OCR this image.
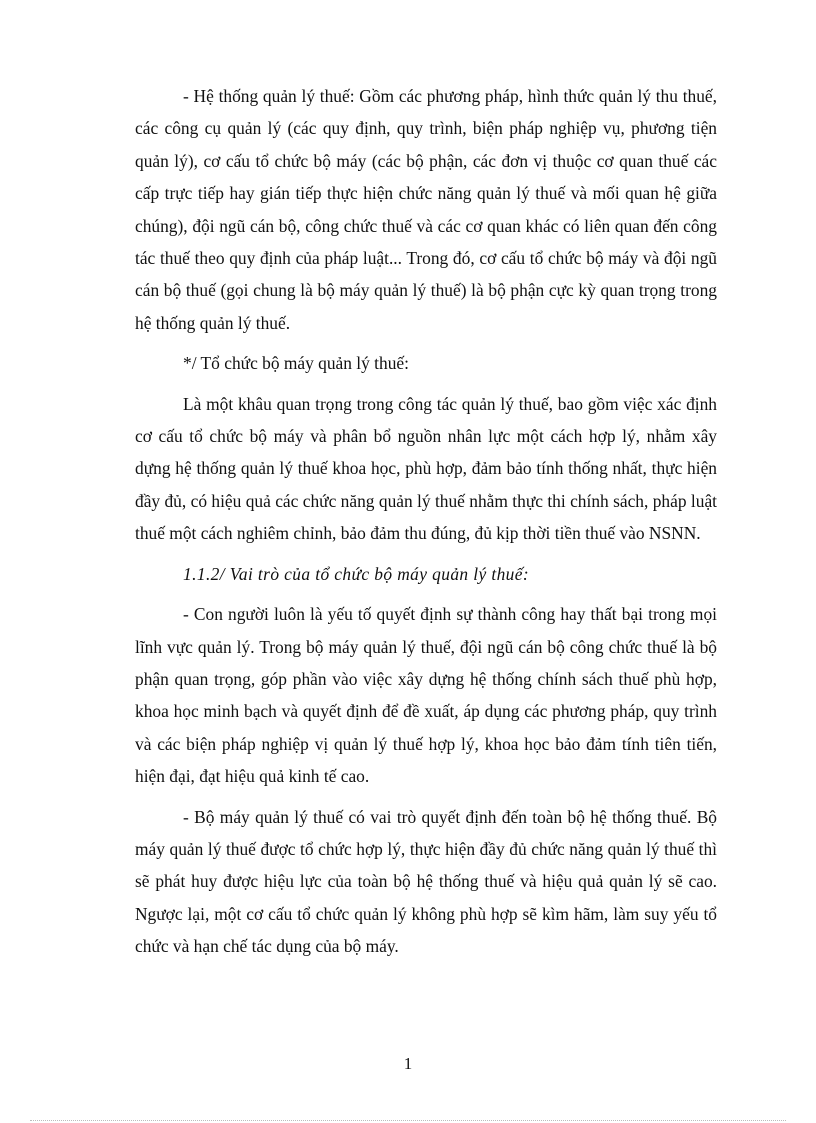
- Hệ thống quản lý thuế: Gồm các phương pháp, hình thức quản lý thu thuế, các công cụ quản lý (các quy định, quy trình, biện pháp nghiệp vụ, phương tiện quản lý), cơ cấu tổ chức bộ máy (các bộ phận, các đơn vị thuộc cơ quan thuế các cấp trực tiếp hay gián tiếp thực hiện chức năng quản lý thuế và mối quan hệ giữa chúng), đội ngũ cán bộ, công chức thuế và các cơ quan khác có liên quan đến công tác thuế theo quy định của pháp luật... Trong đó, cơ cấu tổ chức bộ máy và đội ngũ cán bộ thuế (gọi chung là bộ máy quản lý thuế) là bộ phận cực kỳ quan trọng trong hệ thống quản lý thuế.

*/ Tổ chức bộ máy quản lý thuế:

Là một khâu quan trọng trong công tác quản lý thuế, bao gồm việc xác định cơ cấu tổ chức bộ máy và phân bổ nguồn nhân lực một cách hợp lý, nhằm xây dựng hệ thống quản lý thuế khoa học, phù hợp, đảm bảo tính thống nhất, thực hiện đầy đủ, có hiệu quả các chức năng quản lý thuế nhằm thực thi chính sách, pháp luật thuế một cách nghiêm chỉnh, bảo đảm thu đúng, đủ kịp thời tiền thuế vào NSNN.

1.1.2/ Vai trò của tổ chức bộ máy quản lý thuế:

- Con người luôn là yếu tố quyết định sự thành công hay thất bại trong mọi lĩnh vực quản lý. Trong bộ máy quản lý thuế, đội ngũ cán bộ công chức thuế là bộ phận quan trọng, góp phần vào việc xây dựng hệ thống chính sách thuế phù hợp, khoa học minh bạch và quyết định để đề xuất, áp dụng các phương pháp, quy trình và các biện pháp nghiệp vị quản lý thuế hợp lý, khoa học bảo đảm tính tiên tiến, hiện đại, đạt hiệu quả kinh tế cao.

- Bộ máy quản lý thuế có vai trò quyết định đến toàn bộ hệ thống thuế. Bộ máy quản lý thuế được tổ chức hợp lý, thực hiện đầy đủ chức năng quản lý thuế thì sẽ phát huy được hiệu lực của toàn bộ hệ thống thuế và hiệu quả quản lý sẽ cao. Ngược lại, một cơ cấu tổ chức quản lý không phù hợp sẽ kìm hãm, làm suy yếu tổ chức và hạn chế tác dụng của bộ máy.

1
